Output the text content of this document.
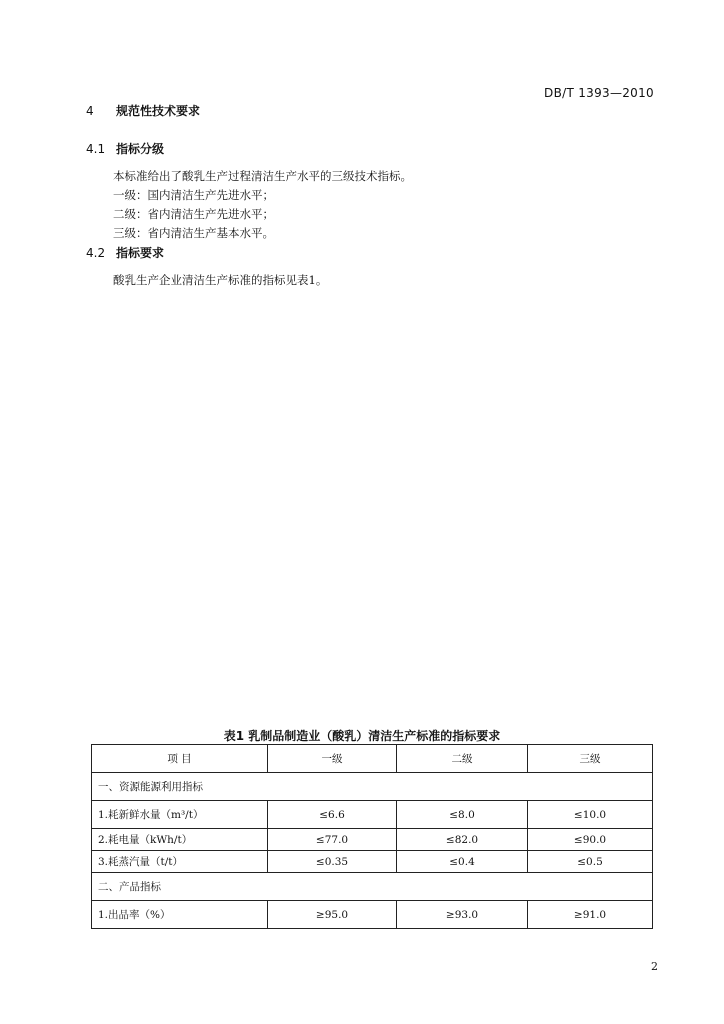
DB/T 1393—2010
4 规范性技术要求
4.1 指标分级
本标准给出了酸乳生产过程清洁生产水平的三级技术指标。
一级：国内清洁生产先进水平；
二级：省内清洁生产先进水平；
三级：省内清洁生产基本水平。
4.2 指标要求
酸乳生产企业清洁生产标准的指标见表1。
表1 乳制品制造业（酸乳）清洁生产标准的指标要求
项 目	一级	二级	三级
一、资源能源利用指标			
1.耗新鲜水量（m³/t）	≤6.6	≤8.0	≤10.0
2.耗电量（kWh/t）	≤77.0	≤82.0	≤90.0
3.耗蒸汽量（t/t）	≤0.35	≤0.4	≤0.5
二、产品指标			
1.出品率（%）	≥95.0	≥93.0	≥91.0
2
